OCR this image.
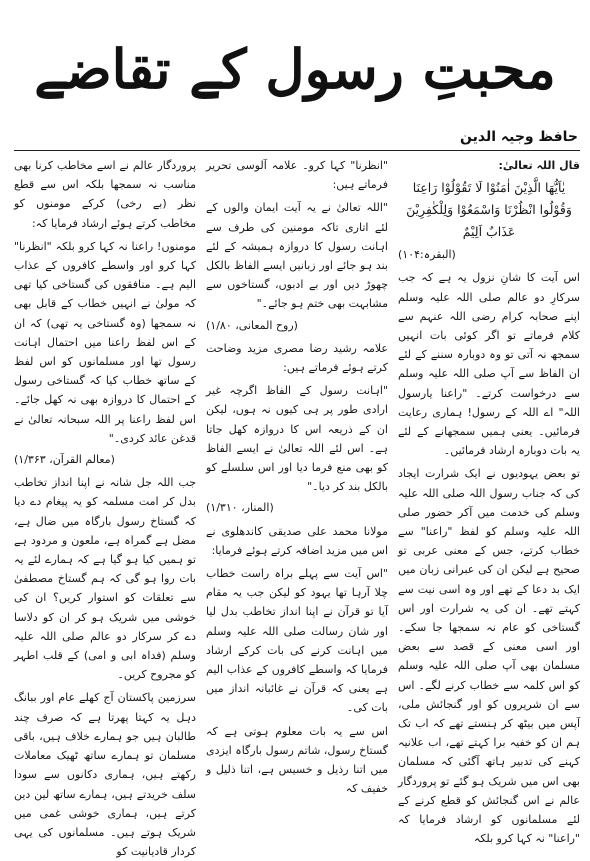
محبتِ رسول کے تقاضے
حافظ وجیہ الدین

قال اللہ تعالیٰ:

یٰاَیُّھَا الَّذِیْنَ اٰمَنُوْا لَا تَقُوْلُوْا رَاعِنَا وَقُوْلُوا انْظُرْنَا وَاسْمَعُوْا وَلِلْکٰفِرِیْنَ عَذَابٌ اَلِیْمٌ

(البقرہ:۱۰۴)

اس آیت کا شانِ نزول یہ ہے کہ جب سرکارِ دو عالم صلی اللہ علیہ وسلم اپنے صحابہ کرام رضی اللہ عنہم سے کلام فرماتے تو اگر کوئی بات انہیں سمجھ نہ آتی تو وہ دوبارہ سننے کے لئے ان الفاظ سے آپ صلی اللہ علیہ وسلم سے درخواست کرتے۔ "راعنا یارسول اللہ" اے اللہ کے رسول! ہماری رعایت فرمائیں۔ یعنی ہمیں سمجھانے کے لئے یہ بات دوبارہ ارشاد فرمائیں۔

تو بعض یہودیوں نے ایک شرارت ایجاد کی کہ جناب رسول اللہ صلی اللہ علیہ وسلم کی خدمت میں آکر حضور صلی اللہ علیہ وسلم کو لفظ "راعنا" سے خطاب کرتے، جس کے معنی عربی تو صحیح ہے لیکن ان کی عبرانی زبان میں ایک بد دعا کے تھے اور وہ اسی نیت سے کہتے تھے۔ ان کی یہ شرارت اور اس گستاخی کو عام نہ سمجھا جا سکے۔ اور اسی معنی کے قصد سے بعض مسلمان بھی آپ صلی اللہ علیہ وسلم کو اس کلمہ سے خطاب کرنے لگے۔ اس سے ان شریروں کو اور گنجائش ملی، آپس میں بیٹھ کر ہنستے تھے کہ اب تک ہم ان کو خفیہ برا کہتے تھے، اب علانیہ کہنے کی تدبیر ہاتھ آگئی کہ مسلمان بھی اس میں شریک ہو گئے تو پروردگار عالم نے اس گنجائش کو قطع کرنے کے لئے مسلمانوں کو ارشاد فرمایا کہ "راعنا" نہ کہا کرو بلکہ

"انظرنا" کہا کرو۔ علامہ آلوسی تحریر فرماتے ہیں:

"اللہ تعالیٰ نے یہ آیت ایمان والوں کے لئے اتاری تاکہ مومنین کی طرف سے اہانت رسول کا دروازہ ہمیشہ کے لئے بند ہو جائے اور زبانیں ایسے الفاظ بالکل چھوڑ دیں اور بے ادبوں، گستاخوں سے مشابہت بھی ختم ہو جائے۔"

(روح المعانی، ۱/۸۰)

علامہ رشید رضا مصری مزید وضاحت کرتے ہوئے فرماتے ہیں:

"اہانت رسول کے الفاظ اگرچہ غیر ارادی طور پر ہی کیوں نہ ہوں، لیکن ان کے ذریعہ اس کا دروازہ کھل جاتا ہے۔ اس لئے اللہ تعالیٰ نے ایسے الفاظ کو بھی منع فرما دیا اور اس سلسلے کو بالکل بند کر دیا۔"

(المنار، ۱/۳۱۰)

مولانا محمد علی صدیقی کاندھلوی نے اس میں مزید اضافہ کرتے ہوئے فرمایا:

"اس آیت سے پہلے براہ راست خطاب چلا آرہا تھا یہود کو لیکن جب یہ مقام آیا تو قرآن نے اپنا انداز تخاطب بدل لیا اور شان رسالت صلی اللہ علیہ وسلم میں اہانت کرنے کی بات کرکے ارشاد فرمایا کہ واسطے کافروں کے عذاب الیم ہے یعنی کہ قرآن نے غائبانہ انداز میں بات کی۔

اس سے یہ بات معلوم ہوتی ہے کہ گستاخ رسول، شاتم رسول بارگاہ ایزدی میں اتنا رذیل و خسیس ہے، اتنا ذلیل و خفیف کہ

پروردگار عالم نے اسے مخاطب کرنا بھی مناسب نہ سمجھا بلکہ اس سے قطع نظر (بے رخی) کرکے مومنوں کو مخاطب کرتے ہوئے ارشاد فرمایا کہ:

مومنوں! راعنا نہ کہا کرو بلکہ "انظرنا" کہا کرو اور واسطے کافروں کے عذاب الیم ہے۔ منافقوں کی گستاخی کیا تھی کہ مولیٰ نے انہیں خطاب کے قابل بھی نہ سمجھا (وہ گستاخی یہ تھی) کہ ان کے اس لفظ راعنا میں احتمال اہانت رسول تھا اور مسلمانوں کو اس لفظ کے ساتھ خطاب کیا کہ گستاخی رسول کے احتمال کا دروازہ بھی نہ کھل جائے۔ اس لفظ راعنا پر اللہ سبحانہ تعالیٰ نے قدغن عائد کردی۔"

(معالم القرآن، ۱/۳۶۳)

جب اللہ جل شانہ نے اپنا انداز تخاطب بدل کر امت مسلمہ کو یہ پیغام دے دیا کہ گستاخ رسول بارگاہ میں ضال ہے، مضل ہے گمراہ ہے، ملعون و مردود ہے تو ہمیں کیا ہو گیا ہے کہ ہمارے لئے یہ بات روا ہو گی کہ ہم گستاخ مصطفیٰ سے تعلقات کو استوار کریں؟ ان کی خوشی میں شریک ہو کر ان کو دلاسا دے کر سرکار دو عالم صلی اللہ علیہ وسلم (فداہ ابی و امی) کے قلب اطہر کو مجروح کریں۔

سرزمین پاکستان آج کھلے عام اور ببانگ دہل یہ کہتا پھرتا ہے کہ صرف چند طالبان ہیں جو ہمارے خلاف ہیں، باقی مسلمان تو ہمارے ساتھ ٹھیک معاملات رکھتے ہیں، ہماری دکانوں سے سودا سلف خریدتے ہیں، ہمارے ساتھ لین دین کرتے ہیں، ہماری خوشی غمی میں شریک ہوتے ہیں۔ مسلمانوں کی یہی کردار قادیانیت کو
